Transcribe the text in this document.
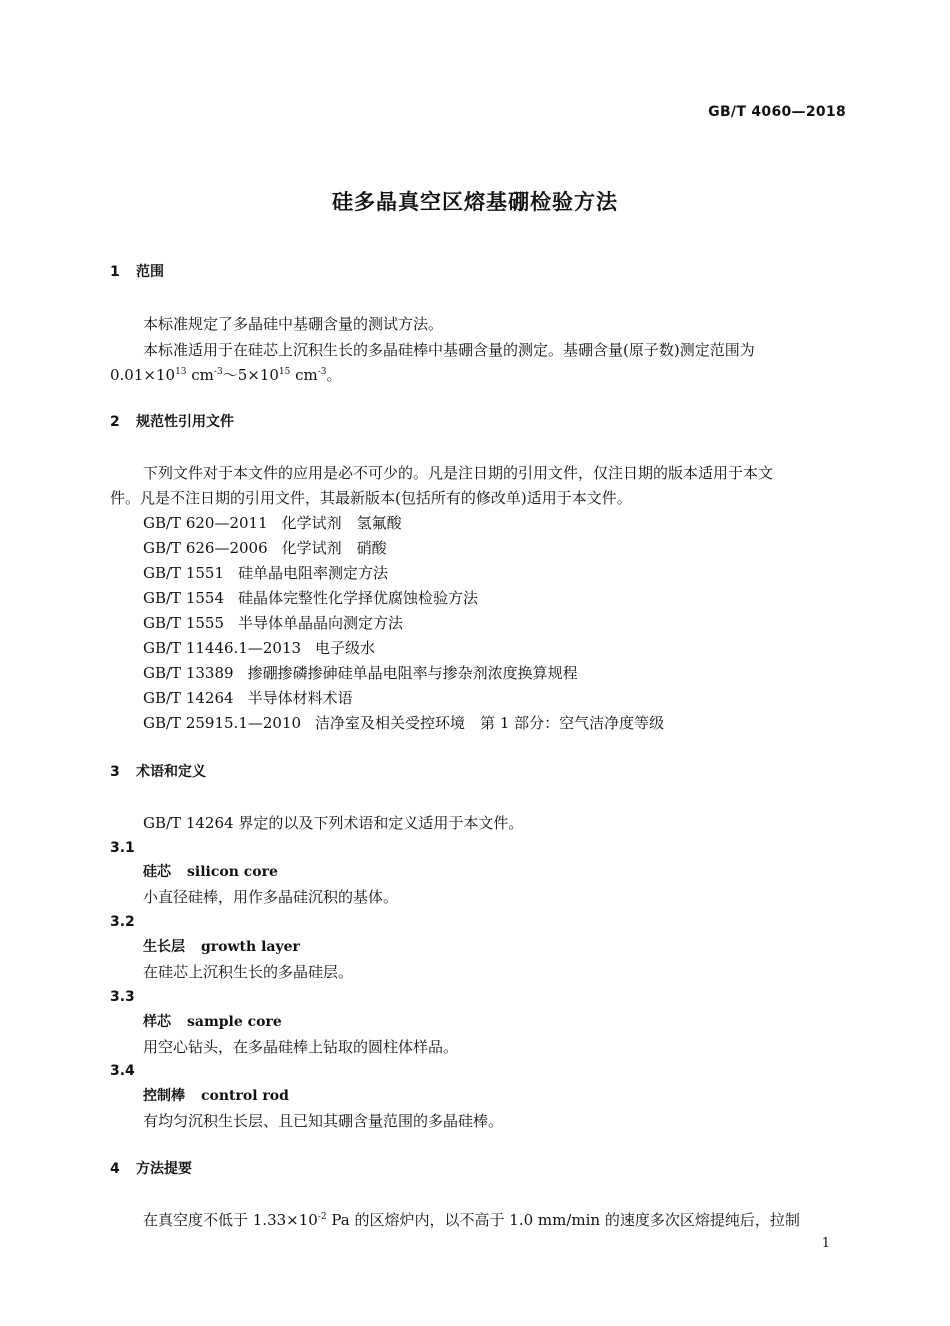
GB/T 4060—2018
硅多晶真空区熔基硼检验方法
1 范围
本标准规定了多晶硅中基硼含量的测试方法。
本标准适用于在硅芯上沉积生长的多晶硅棒中基硼含量的测定。基硼含量(原子数)测定范围为
$0.01\times 10^{13}$ $cm^{-3}\sim 5\times 10^{15}$ $cm^{-3}$。
2 规范性引用文件
下列文件对于本文件的应用是必不可少的。凡是注日期的引用文件，仅注日期的版本适用于本文
件。凡是不注日期的引用文件，其最新版本(包括所有的修改单)适用于本文件。
GB/T 620—2011 化学试剂　氢氟酸
GB/T 626—2006 化学试剂　硝酸
GB/T 1551 硅单晶电阻率测定方法
GB/T 1554 硅晶体完整性化学择优腐蚀检验方法
GB/T 1555 半导体单晶晶向测定方法
GB/T 11446.1—2013 电子级水
GB/T 13389 掺硼掺磷掺砷硅单晶电阻率与掺杂剂浓度换算规程
GB/T 14264 半导体材料术语
GB/T 25915.1—2010 洁净室及相关受控环境　第 1 部分：空气洁净度等级
3 术语和定义
GB/T 14264 界定的以及下列术语和定义适用于本文件。
3.1
硅芯 silicon core
小直径硅棒，用作多晶硅沉积的基体。
3.2
生长层 growth layer
在硅芯上沉积生长的多晶硅层。
3.3
样芯 sample core
用空心钻头，在多晶硅棒上钻取的圆柱体样品。
3.4
控制棒 control rod
有均匀沉积生长层、且已知其硼含量范围的多晶硅棒。
4 方法提要
在真空度不低于 $1.33\times 10^{-2}$ Pa 的区熔炉内，以不高于 1.0 mm/min 的速度多次区熔提纯后，拉制
1
